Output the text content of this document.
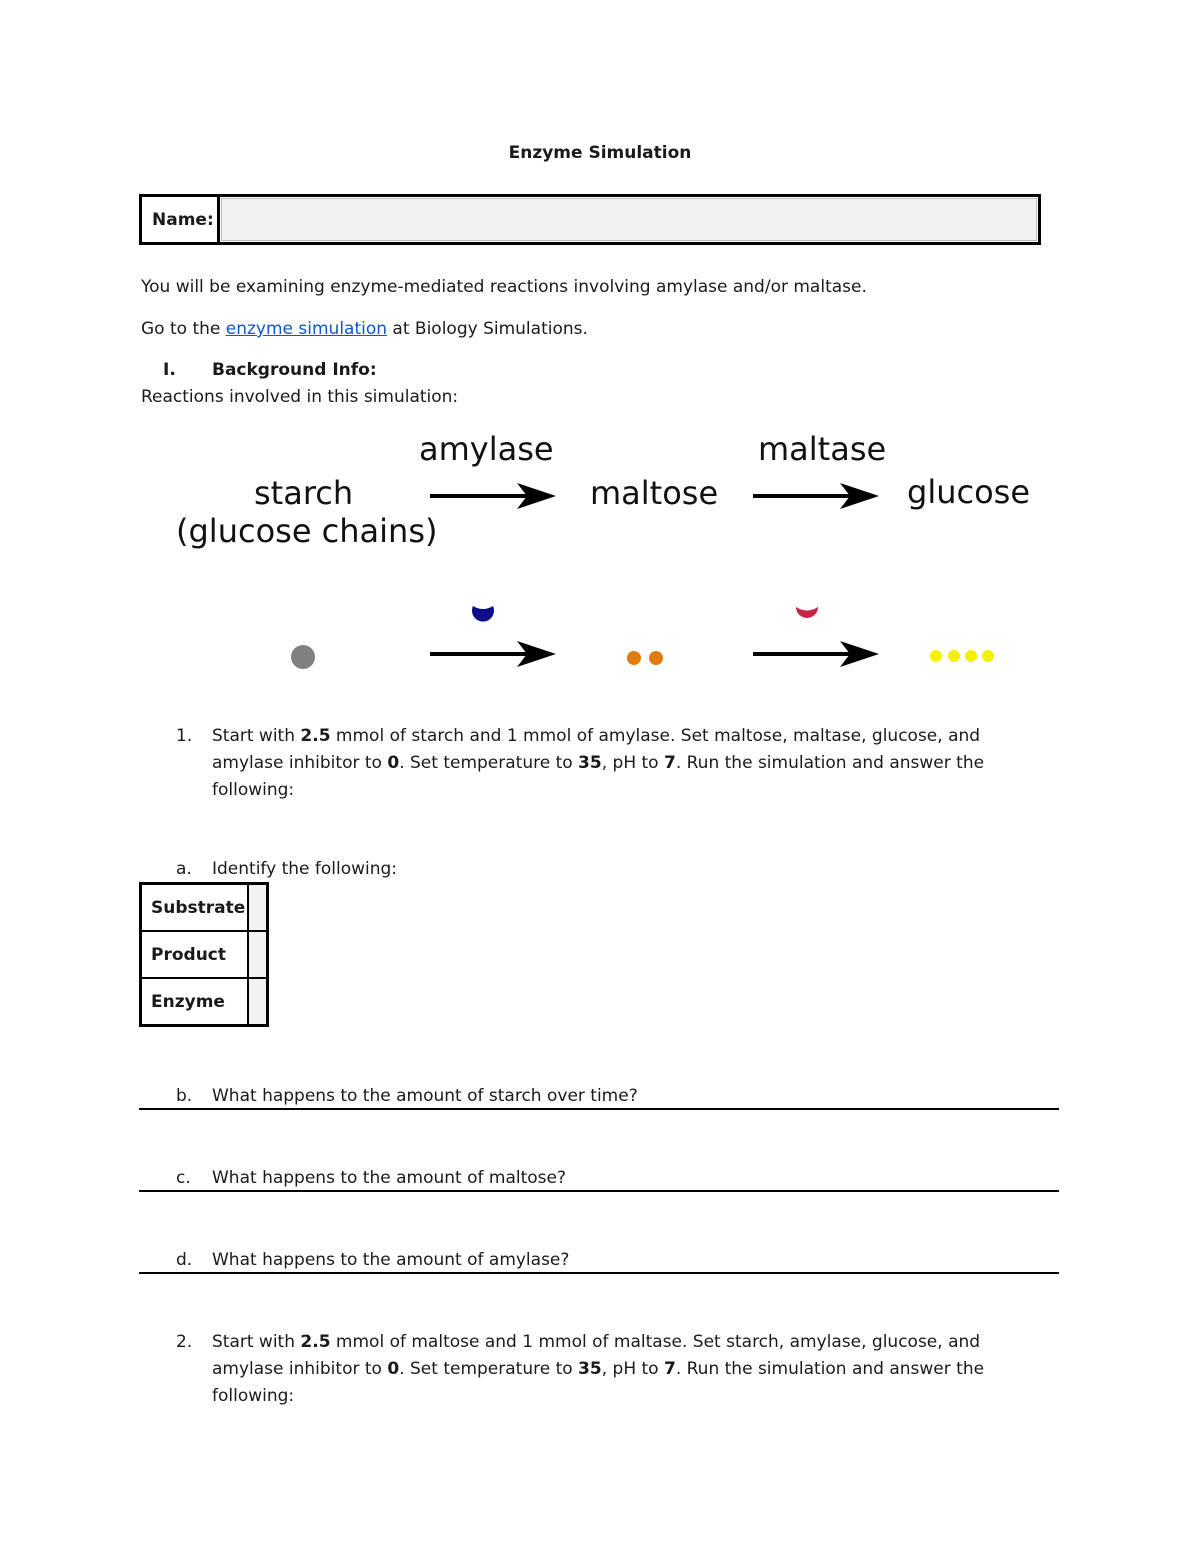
Enzyme Simulation
Name:
You will be examining enzyme-mediated reactions involving amylase and/or maltase.
Go to the enzyme simulation at Biology Simulations.
I. Background Info:
Reactions involved in this simulation:
starch
(glucose chains)
amylase
maltose
maltase
glucose
1. Start with 2.5 mmol of starch and 1 mmol of amylase. Set maltose, maltase, glucose, and
amylase inhibitor to 0. Set temperature to 35, pH to 7. Run the simulation and answer the
following:
a. Identify the following:
Substrate	
Product	
Enzyme	
b. What happens to the amount of starch over time?
c. What happens to the amount of maltose?
d. What happens to the amount of amylase?
2. Start with 2.5 mmol of maltose and 1 mmol of maltase. Set starch, amylase, glucose, and
amylase inhibitor to 0. Set temperature to 35, pH to 7. Run the simulation and answer the
following:
